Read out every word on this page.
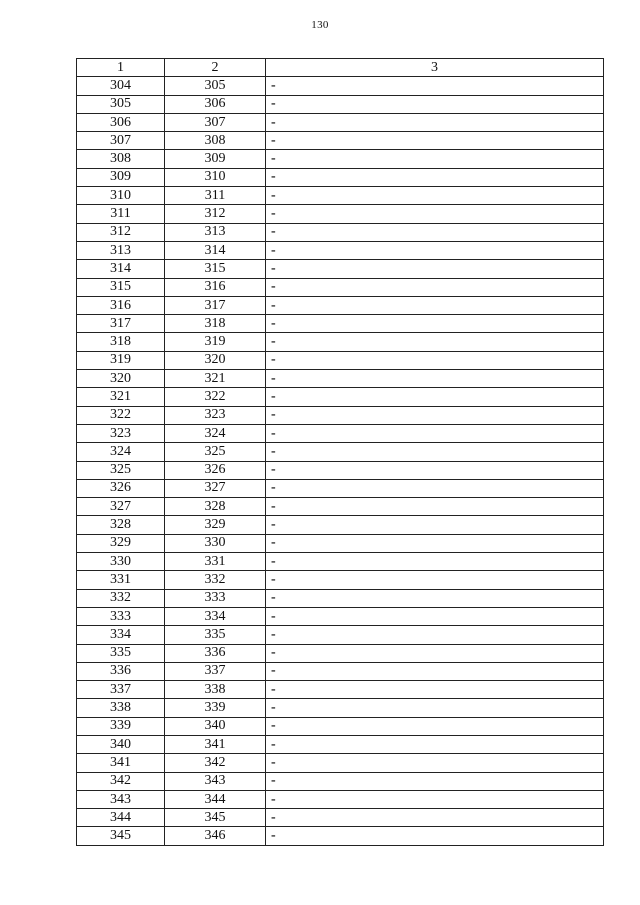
130
1	2	3
304	305	-
305	306	-
306	307	-
307	308	-
308	309	-
309	310	-
310	311	-
311	312	-
312	313	-
313	314	-
314	315	-
315	316	-
316	317	-
317	318	-
318	319	-
319	320	-
320	321	-
321	322	-
322	323	-
323	324	-
324	325	-
325	326	-
326	327	-
327	328	-
328	329	-
329	330	-
330	331	-
331	332	-
332	333	-
333	334	-
334	335	-
335	336	-
336	337	-
337	338	-
338	339	-
339	340	-
340	341	-
341	342	-
342	343	-
343	344	-
344	345	-
345	346	-
